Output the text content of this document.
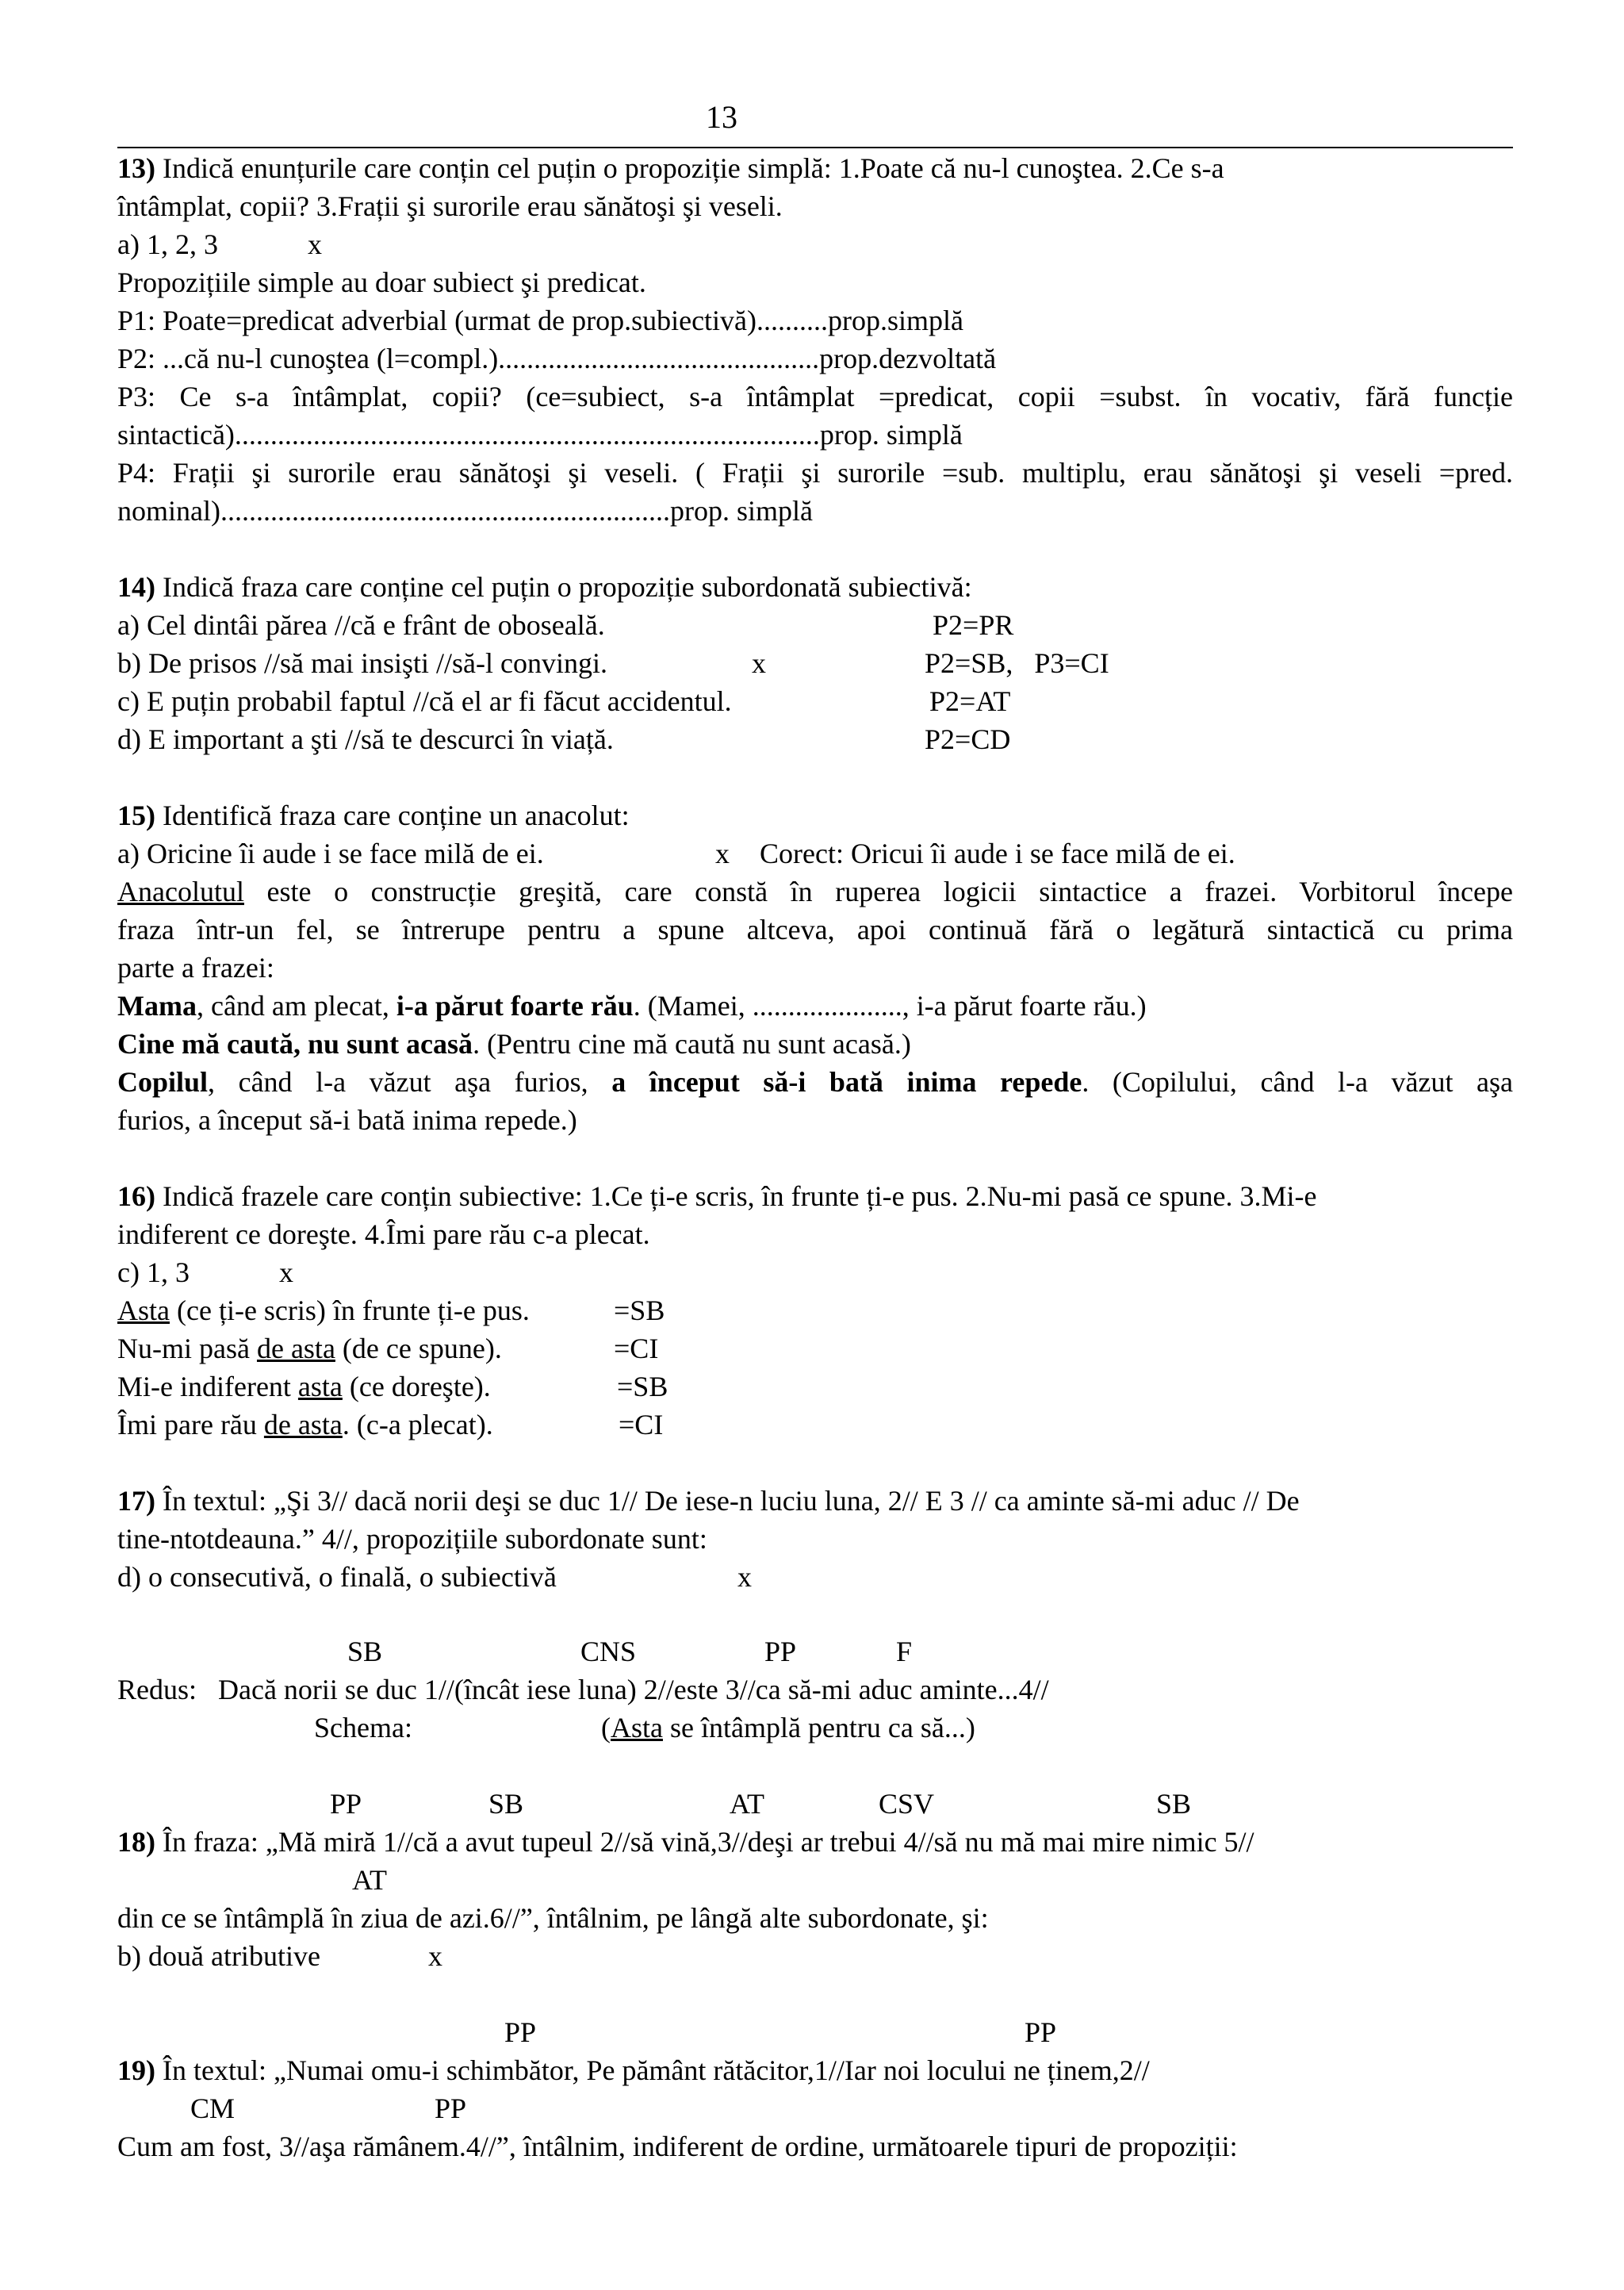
13
13) Indică enunțurile care conțin cel puțin o propoziție simplă: 1.Poate că nu-l cunoştea. 2.Ce s-a
întâmplat, copii? 3.Frații şi surorile erau sănătoşi şi veseli.
a) 1, 2, 3	x
Propozițiile simple au doar subiect şi predicat.
P1: Poate=predicat adverbial (urmat de prop.subiectivă)..........prop.simplă
P2: ...că nu-l cunoştea (l=compl.).............................................prop.dezvoltată
P3: Ce s-a întâmplat, copii? (ce=subiect, s-a întâmplat =predicat, copii =subst. în vocativ, fără funcție
sintactică)..................................................................................prop. simplă
P4: Frații şi surorile erau sănătoşi şi veseli. ( Frații şi surorile =sub. multiplu, erau sănătoşi şi veseli =pred.
nominal)...............................................................prop. simplă
14) Indică fraza care conține cel puțin o propoziție subordonată subiectivă:
a) Cel dintâi părea //că e frânt de oboseală.	P2=PR
b) De prisos //să mai insişti //să-l convingi.	x	P2=SB,   P3=CI
c) E puțin probabil faptul //că el ar fi făcut accidentul.	P2=AT
d) E important a şti //să te descurci în viață.	P2=CD
15) Identifică fraza care conține un anacolut:
a) Oricine îi aude i se face milă de ei.	x Corect: Oricui îi aude i se face milă de ei.
Anacolutul este o construcție greşită, care constă în ruperea logicii sintactice a frazei. Vorbitorul începe
fraza într-un fel, se întrerupe pentru a spune altceva, apoi continuă fără o legătură sintactică cu prima
parte a frazei:
Mama, când am plecat, i-a părut foarte rău. (Mamei, ....................., i-a părut foarte rău.)
Cine mă caută, nu sunt acasă. (Pentru cine mă caută nu sunt acasă.)
Copilul, când l-a văzut aşa furios, a început să-i bată inima repede. (Copilului, când l-a văzut aşa
furios, a început să-i bată inima repede.)
16) Indică frazele care conțin subiective: 1.Ce ți-e scris, în frunte ți-e pus. 2.Nu-mi pasă ce spune. 3.Mi-e
indiferent ce doreşte. 4.Îmi pare rău c-a plecat.
c) 1, 3	x
Asta (ce ți-e scris) în frunte ți-e pus.	=SB
Nu-mi pasă de asta (de ce spune).	=CI
Mi-e indiferent asta (ce doreşte).	=SB
Îmi pare rău de asta. (c-a plecat).	=CI
17) În textul: „Şi 3// dacă norii deşi se duc 1// De iese-n luciu luna, 2// E 3 // ca aminte să-mi aduc // De
tine-ntotdeauna.” 4//, propozițiile subordonate sunt:
d) o consecutivă, o finală, o subiectivă	x
SB	CNS	PP	F
Redus:   Dacă norii se duc 1//(încât iese luna) 2//este 3//ca să-mi aduc aminte...4//
Schema:	(Asta se întâmplă pentru ca să...)
PP	SB	AT	CSV	SB
18) În fraza: „Mă miră 1//că a avut tupeul 2//să vină,3//deşi ar trebui 4//să nu mă mai mire nimic 5//
AT
din ce se întâmplă în ziua de azi.6//”, întâlnim, pe lângă alte subordonate, şi:
b) două atributive	x
PP	PP
19) În textul: „Numai omu-i schimbător, Pe pământ rătăcitor,1//Iar noi locului ne ținem,2//
CM	PP
Cum am fost, 3//aşa rămânem.4//”, întâlnim, indiferent de ordine, următoarele tipuri de propoziții:
